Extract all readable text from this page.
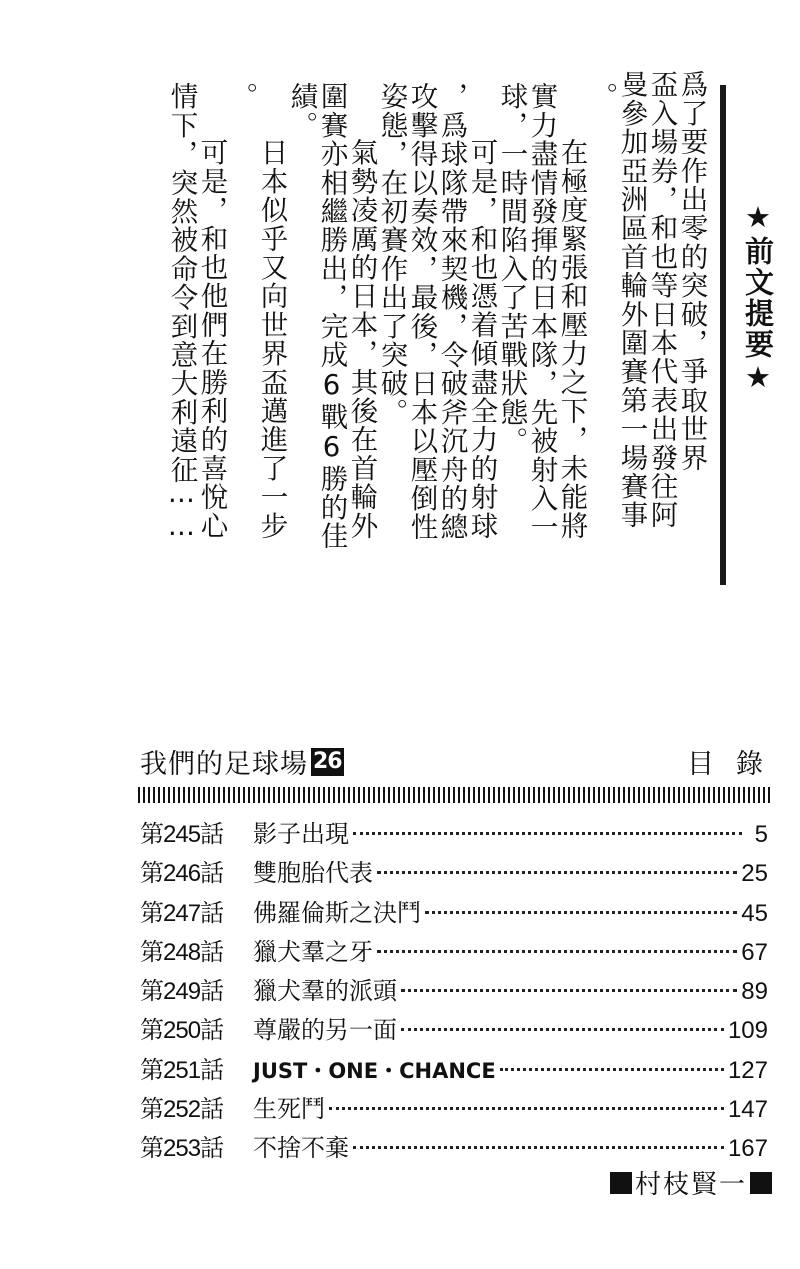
爲了要作出零的突破，爭取世界
盃入場券，和也等日本代表出發往阿
曼參加亞洲區首輪外圍賽第一場賽事
。
在極度緊張和壓力之下，未能將
實力盡情發揮的日本隊，先被射入一
球，一時間陷入了苦戰狀態。
可是，和也憑着傾盡全力的射球
，爲球隊帶來契機，令破斧沉舟的總
攻擊得以奏效，最後，日本以壓倒性
姿態，在初賽作出了突破。
氣勢凌厲的日本，其後在首輪外
圍賽亦相繼勝出，完成6戰6勝的佳
績。
日本似乎又向世界盃邁進了一步
。
可是，和也他們在勝利的喜悅心
情下，突然被命令到意大利遠征⋯⋯	★前文提要★
我們的足球場 26	目錄
第245話	影子出現	5
第246話	雙胞胎代表	25
第247話	佛羅倫斯之決鬥	45
第248話	獵犬羣之牙	67
第249話	獵犬羣的派頭	89
第250話	尊嚴的另一面	109
第251話	JUST・ONE・CHANCE	127
第252話	生死鬥	147
第253話	不捨不棄	167
村枝賢一
